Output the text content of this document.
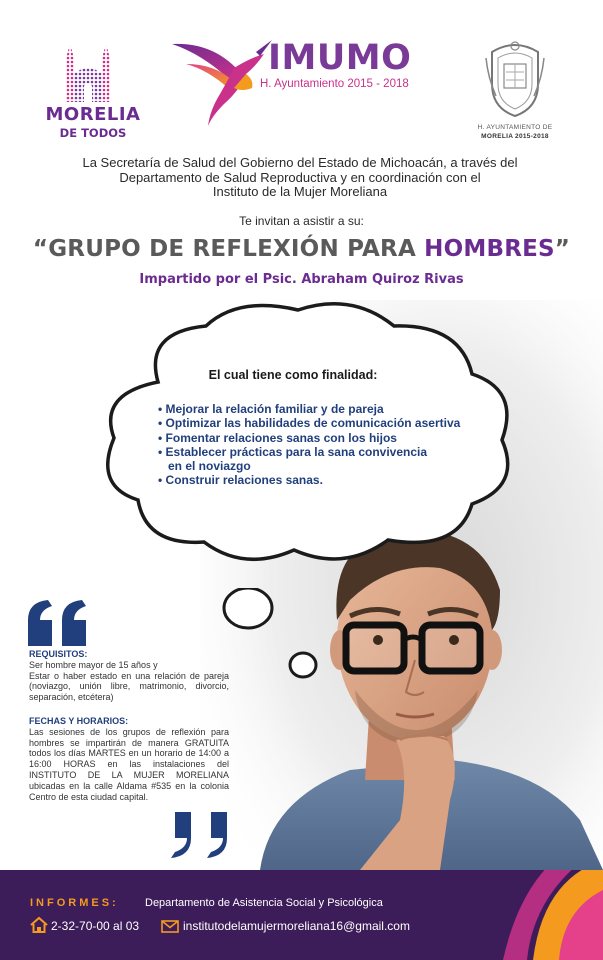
MORELIA
DE TODOS
IMUMO
H. Ayuntamiento 2015 - 2018
H. AYUNTAMIENTO DE
MORELIA 2015-2018
La Secretaría de Salud del Gobierno del Estado de Michoacán, a través del
Departamento de Salud Reproductiva y en coordinación con el
Instituto de la Mujer Moreliana
Te invitan a asistir a su:
“GRUPO DE REFLEXIÓN PARA HOMBRES”
Impartido por el Psic. Abraham Quiroz Rivas
El cual tiene como finalidad:
• Mejorar la relación familiar y de pareja
• Optimizar las habilidades de comunicación asertiva
• Fomentar relaciones sanas con los hijos
• Establecer prácticas para la sana convivencia
en el noviazgo
• Construir relaciones sanas.
REQUISITOS:
Ser hombre mayor de 15 años y
Estar o haber estado en una relación de pareja (noviazgo, unión libre, matrimonio, divorcio, separación, etcétera)
FECHAS Y HORARIOS:
Las sesiones de los grupos de reflexión para hombres se impartirán de manera GRATUITA todos los días MARTES en un horario de 14:00 a 16:00 HORAS en las instalaciones del INSTITUTO DE LA MUJER MORELIANA ubicadas en la calle Aldama #535 en la colonia Centro de esta ciudad capital.
INFORMES: Departamento de Asistencia Social y Psicológica
2-32-70-00 al 03	institutodelamujermoreliana16@gmail.com
